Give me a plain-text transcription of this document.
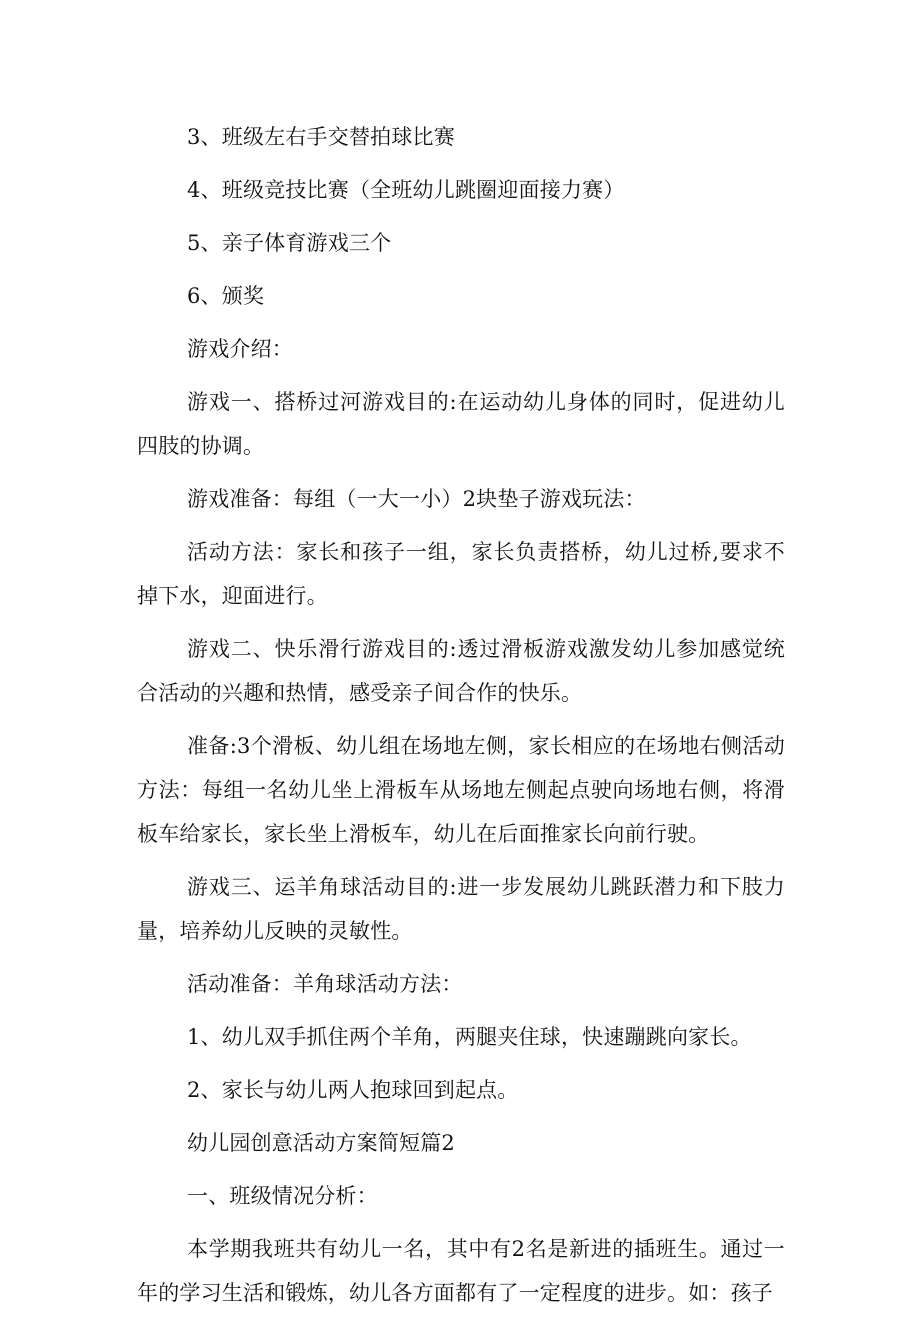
3、班级左右手交替拍球比赛

4、班级竞技比赛（全班幼儿跳圈迎面接力赛）

5、亲子体育游戏三个

6、颁奖

游戏介绍：

游戏一、搭桥过河游戏目的:在运动幼儿身体的同时，促进幼儿四肢的协调。

游戏准备：每组（一大一小）2块垫子游戏玩法：

活动方法：家长和孩子一组，家长负责搭桥，幼儿过桥,要求不掉下水，迎面进行。

游戏二、快乐滑行游戏目的:透过滑板游戏激发幼儿参加感觉统合活动的兴趣和热情，感受亲子间合作的快乐。

准备:3个滑板、幼儿组在场地左侧，家长相应的在场地右侧活动方法：每组一名幼儿坐上滑板车从场地左侧起点驶向场地右侧，将滑板车给家长，家长坐上滑板车，幼儿在后面推家长向前行驶。

游戏三、运羊角球活动目的:进一步发展幼儿跳跃潜力和下肢力量，培养幼儿反映的灵敏性。

活动准备：羊角球活动方法：

1、幼儿双手抓住两个羊角，两腿夹住球，快速蹦跳向家长。

2、家长与幼儿两人抱球回到起点。

幼儿园创意活动方案简短篇2

一、班级情况分析：

本学期我班共有幼儿一名，其中有2名是新进的插班生。通过一年的学习生活和锻炼，幼儿各方面都有了一定程度的进步。如：孩子
